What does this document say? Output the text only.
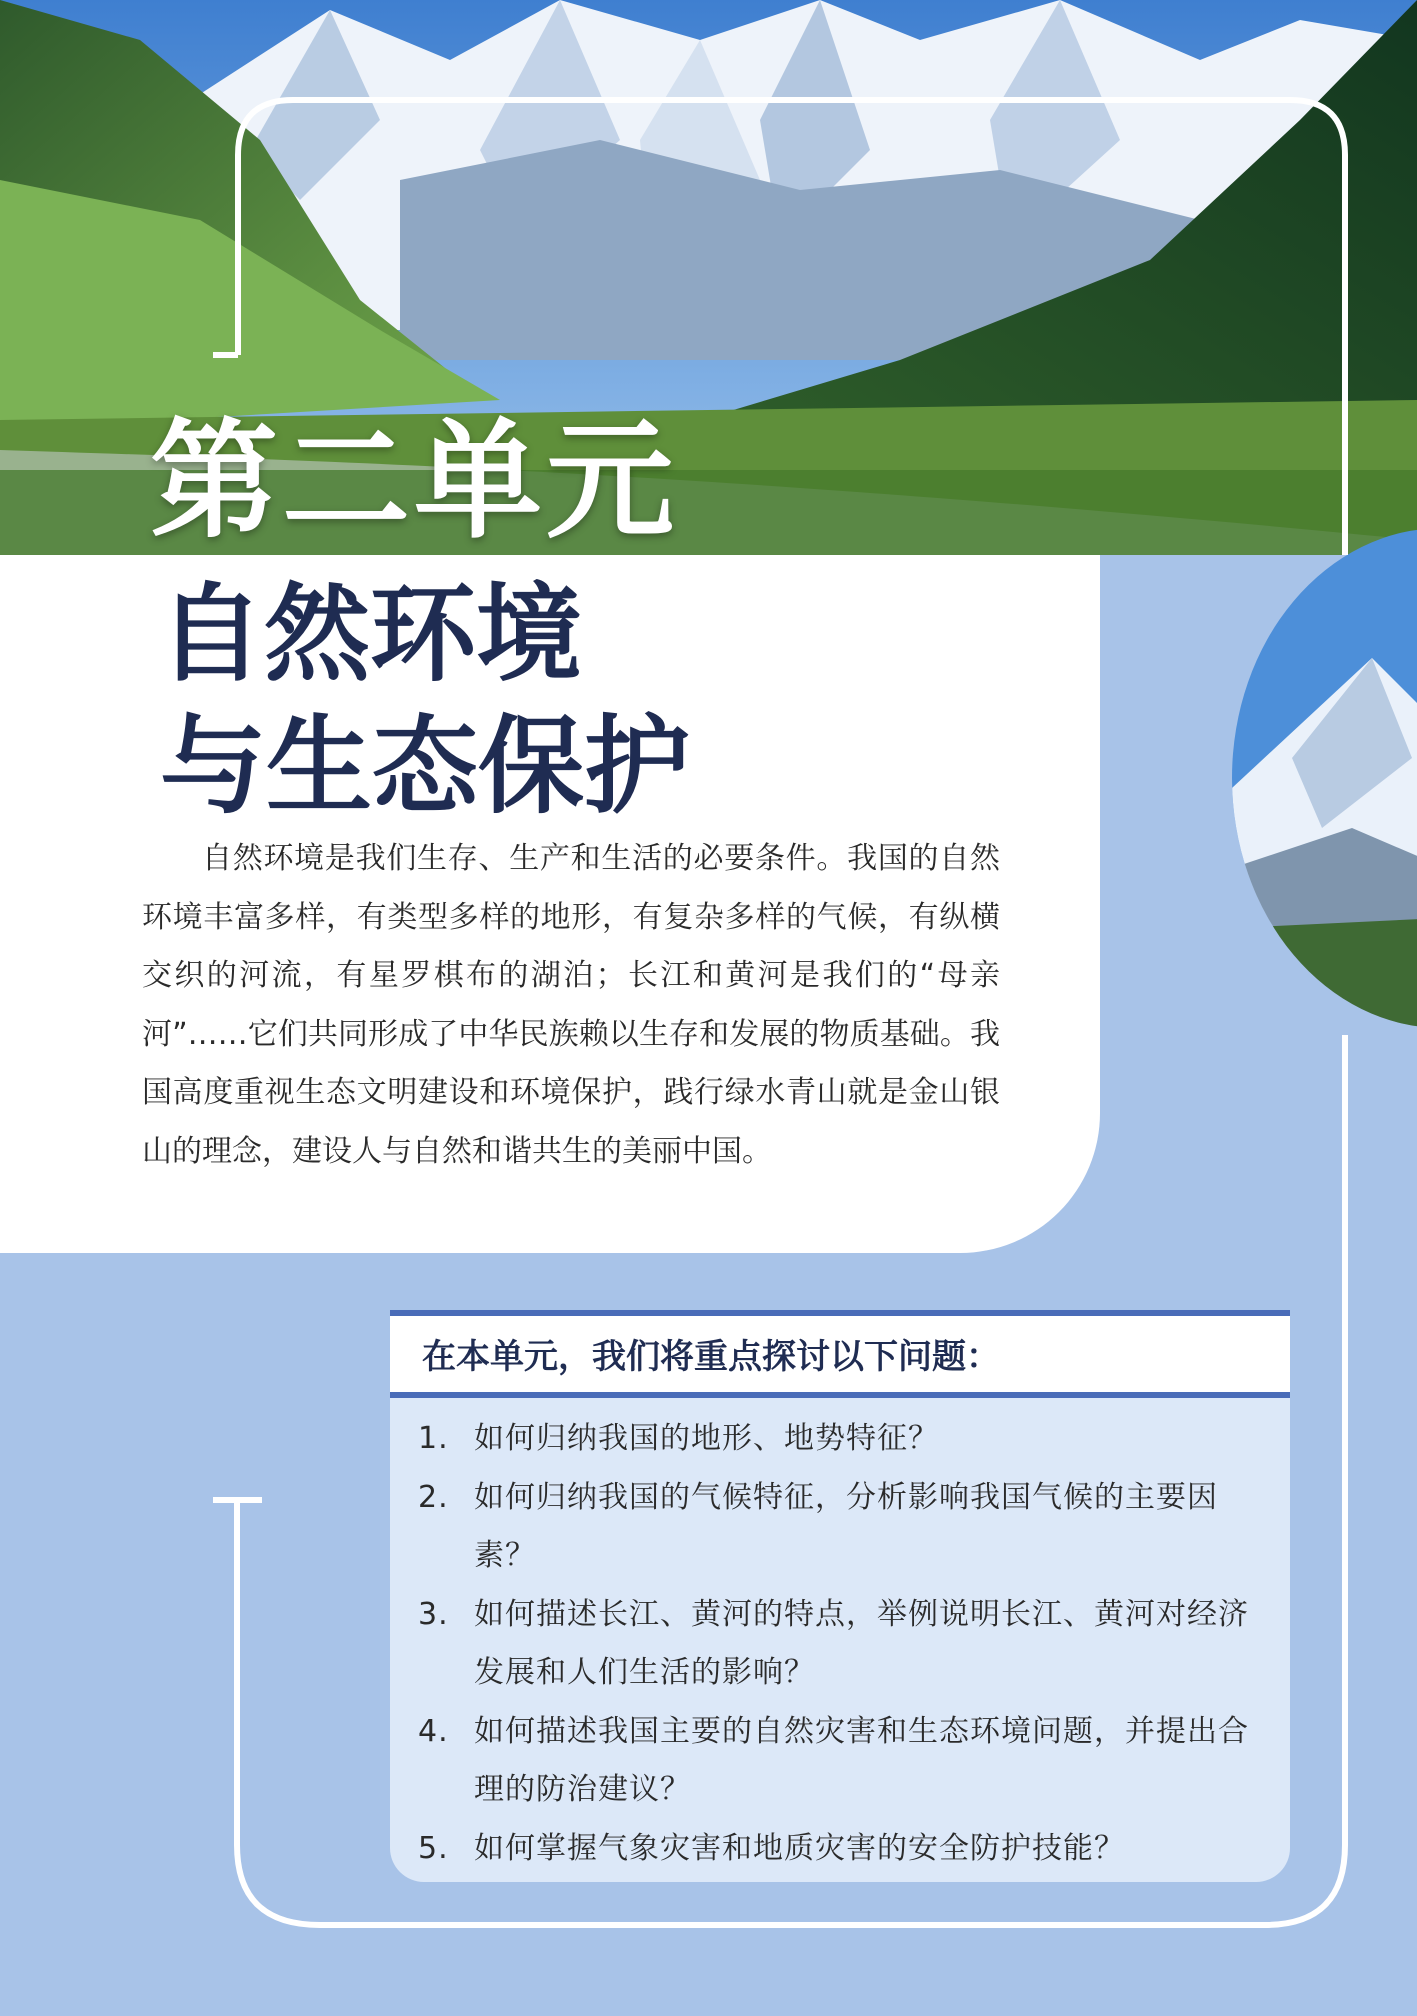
第二单元
自然环境
与生态保护

自然环境是我们生存、生产和生活的必要条件。我国的自然环境丰富多样，有类型多样的地形，有复杂多样的气候，有纵横交织的河流，有星罗棋布的湖泊；长江和黄河是我们的“母亲河”……它们共同形成了中华民族赖以生存和发展的物质基础。我国高度重视生态文明建设和环境保护，践行绿水青山就是金山银山的理念，建设人与自然和谐共生的美丽中国。

在本单元，我们将重点探讨以下问题：
1. 如何归纳我国的地形、地势特征？
2. 如何归纳我国的气候特征，分析影响我国气候的主要因素？
3. 如何描述长江、黄河的特点，举例说明长江、黄河对经济发展和人们生活的影响？
4. 如何描述我国主要的自然灾害和生态环境问题，并提出合理的防治建议？
5. 如何掌握气象灾害和地质灾害的安全防护技能？
